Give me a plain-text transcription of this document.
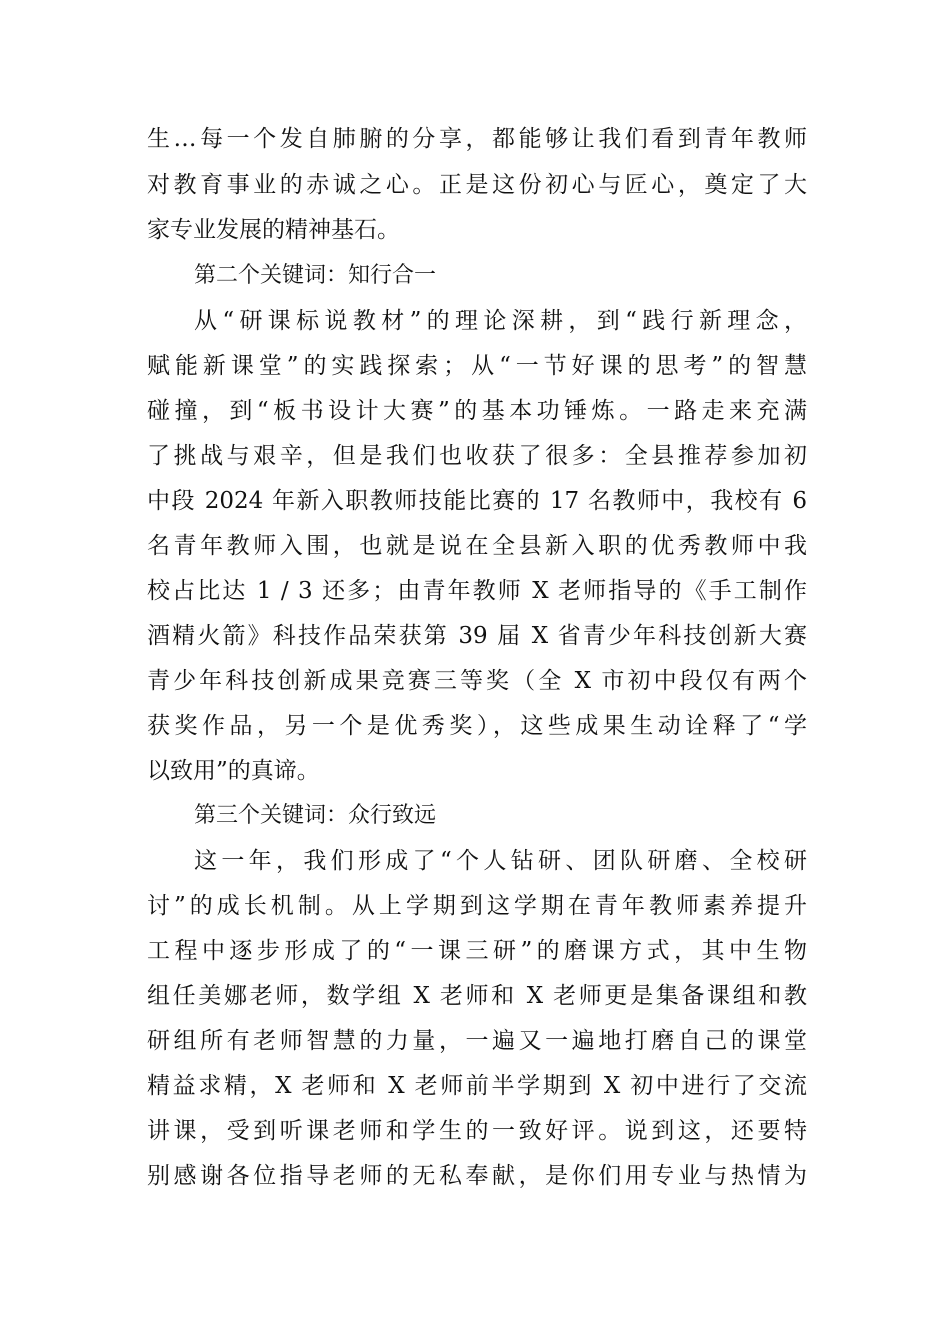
生…每一个发自肺腑的分享，都能够让我们看到青年教师
对教育事业的赤诚之心。正是这份初心与匠心，奠定了大
家专业发展的精神基石。
第二个关键词：知行合一
从“研课标说教材”的理论深耕，到“践行新理念，
赋能新课堂”的实践探索；从“一节好课的思考”的智慧
碰撞，到“板书设计大赛”的基本功锤炼。一路走来充满
了挑战与艰辛，但是我们也收获了很多：全县推荐参加初
中段 2024 年新入职教师技能比赛的 17 名教师中，我校有 6
名青年教师入围，也就是说在全县新入职的优秀教师中我
校占比达 1 / 3 还多；由青年教师 X 老师指导的《手工制作
酒精火箭》科技作品荣获第 39 届 X 省青少年科技创新大赛
青少年科技创新成果竞赛三等奖（全 X 市初中段仅有两个
获奖作品，另一个是优秀奖），这些成果生动诠释了“学
以致用”的真谛。
第三个关键词：众行致远
这一年，我们形成了“个人钻研、团队研磨、全校研
讨”的成长机制。从上学期到这学期在青年教师素养提升
工程中逐步形成了的“一课三研”的磨课方式，其中生物
组任美娜老师，数学组 X 老师和 X 老师更是集备课组和教
研组所有老师智慧的力量，一遍又一遍地打磨自己的课堂
精益求精，X 老师和 X 老师前半学期到 X 初中进行了交流
讲课，受到听课老师和学生的一致好评。说到这，还要特
别感谢各位指导老师的无私奉献，是你们用专业与热情为
